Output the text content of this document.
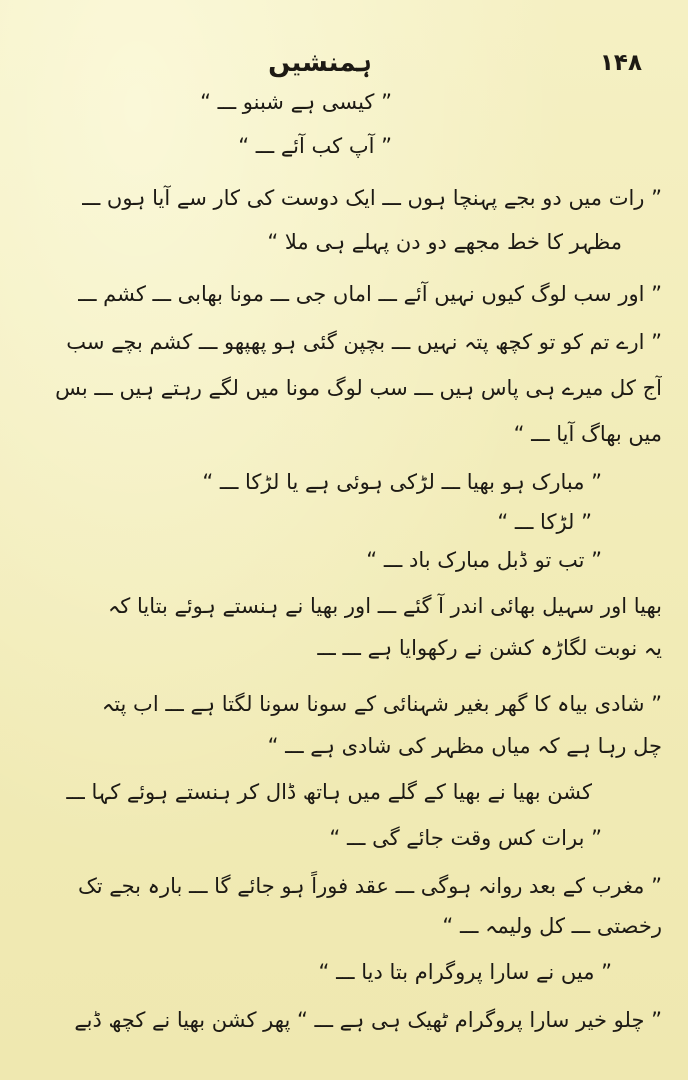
ہمنشیں	۱۴۸
” کیسی ہے شبنو ـــ “
” آپ کب آئے ـــ “
” رات میں دو بجے پہنچا ہوں ـــ ایک دوست کی کار سے آیا ہوں ـــ
مظہر کا خط مجھے دو دن پہلے ہی ملا “
” اور سب لوگ کیوں نہیں آئے ـــ اماں جی ـــ مونا بھابی ـــ کشم ـــ
” ارے تم کو تو کچھ پتہ نہیں ـــ بچپن گئی ہو پھپھو ـــ کشم بچے سب
آج کل میرے ہی پاس ہیں ـــ سب لوگ مونا میں لگے رہتے ہیں ـــ بس
میں بھاگ آیا ـــ “
” مبارک ہو بھیا ـــ لڑکی ہوئی ہے یا لڑکا ـــ “
” لڑکا ـــ “
” تب تو ڈبل مبارک باد ـــ “
بھیا اور سہیل بھائی اندر آ گئے ـــ اور بھیا نے ہنستے ہوئے بتایا کہ
یہ نوبت لگاڑہ کشن نے رکھوایا ہے ـــ ـــ
” شادی بیاہ کا گھر بغیر شہنائی کے سونا سونا لگتا ہے ـــ اب پتہ
چل رہا ہے کہ میاں مظہر کی شادی ہے ـــ “
کشن بھیا نے بھیا کے گلے میں ہاتھ ڈال کر ہنستے ہوئے کہا ـــ
” برات کس وقت جائے گی ـــ “
” مغرب کے بعد روانہ ہوگی ـــ عقد فوراً ہو جائے گا ـــ بارہ بجے تک
رخصتی ـــ کل ولیمہ ـــ “
” میں نے سارا پروگرام بتا دیا ـــ “
” چلو خیر سارا پروگرام ٹھیک ہی ہے ـــ “ پھر کشن بھیا نے کچھ ڈبے
